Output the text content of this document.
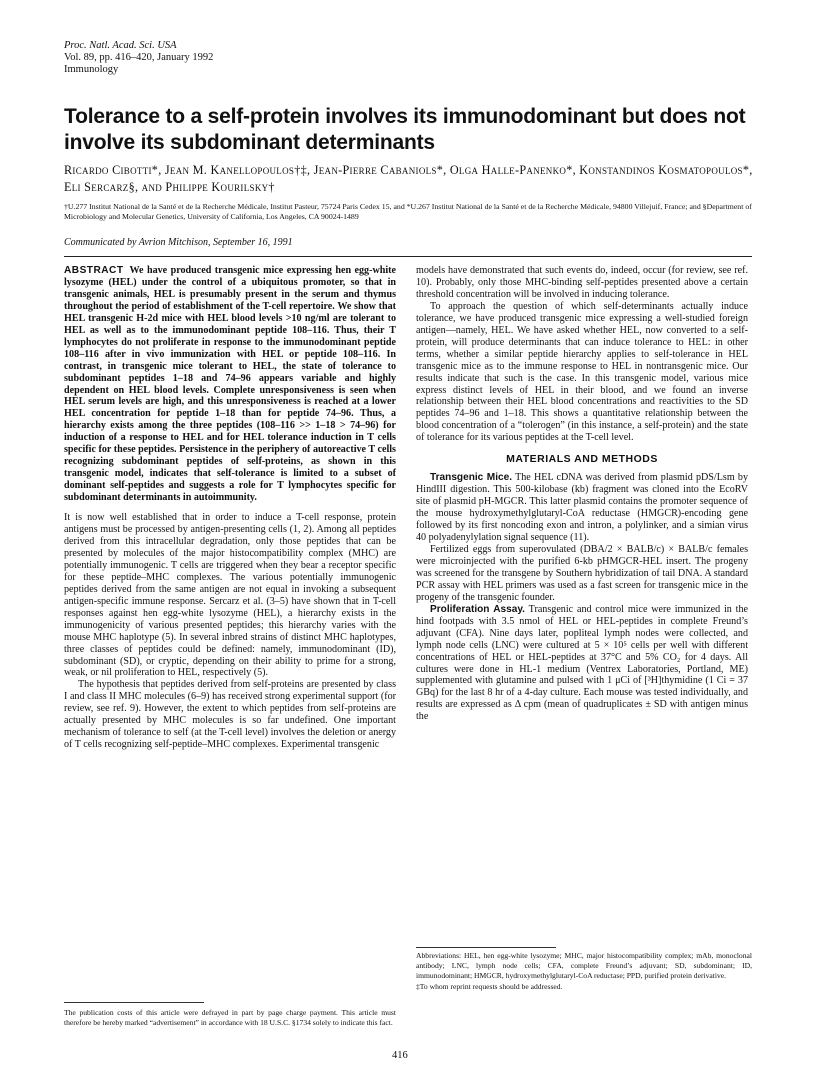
Proc. Natl. Acad. Sci. USA
Vol. 89, pp. 416–420, January 1992
Immunology
Tolerance to a self-protein involves its immunodominant but does not involve its subdominant determinants
Ricardo Cibotti*, Jean M. Kanellopoulos†‡, Jean-Pierre Cabaniols*, Olga Halle-Panenko*, Konstandinos Kosmatopoulos*, Eli Sercarz§, and Philippe Kourilsky†
†U.277 Institut National de la Santé et de la Recherche Médicale, Institut Pasteur, 75724 Paris Cedex 15, and *U.267 Institut National de la Santé et de la Recherche Médicale, 94800 Villejuif, France; and §Department of Microbiology and Molecular Genetics, University of California, Los Angeles, CA 90024-1489
Communicated by Avrion Mitchison, September 16, 1991

ABSTRACT We have produced transgenic mice expressing hen egg-white lysozyme (HEL) under the control of a ubiquitous promoter, so that in transgenic animals, HEL is presumably present in the serum and thymus throughout the period of establishment of the T-cell repertoire. We show that HEL transgenic H-2d mice with HEL blood levels >10 ng/ml are tolerant to HEL as well as to the immunodominant peptide 108–116. Thus, their T lymphocytes do not proliferate in response to the immunodominant peptide 108–116 after in vivo immunization with HEL or peptide 108–116. In contrast, in transgenic mice tolerant to HEL, the state of tolerance to subdominant peptides 1–18 and 74–96 appears variable and highly dependent on HEL blood levels. Complete unresponsiveness is seen when HEL serum levels are high, and this unresponsiveness is reached at a lower HEL concentration for peptide 1–18 than for peptide 74–96. Thus, a hierarchy exists among the three peptides (108–116 >> 1–18 > 74–96) for induction of a response to HEL and for HEL tolerance induction in T cells specific for these peptides. Persistence in the periphery of autoreactive T cells recognizing subdominant peptides of self-proteins, as shown in this transgenic model, indicates that self-tolerance is limited to a subset of dominant self-peptides and suggests a role for T lymphocytes specific for subdominant determinants in autoimmunity.

It is now well established that in order to induce a T-cell response, protein antigens must be processed by antigen-presenting cells (1, 2). Among all peptides derived from this intracellular degradation, only those peptides that can be presented by molecules of the major histocompatibility complex (MHC) are potentially immunogenic. T cells are triggered when they bear a receptor specific for these peptide–MHC complexes. The various potentially immunogenic peptides derived from the same antigen are not equal in invoking a subsequent antigen-specific immune response. Sercarz et al. (3–5) have shown that in T-cell responses against hen egg-white lysozyme (HEL), a hierarchy exists in the immunogenicity of various presented peptides; this hierarchy varies with the mouse MHC haplotype (5). In several inbred strains of distinct MHC haplotypes, three classes of peptides could be defined: namely, immunodominant (ID), subdominant (SD), or cryptic, depending on their ability to prime for a strong, weak, or nil proliferation to HEL, respectively (5).

The hypothesis that peptides derived from self-proteins are presented by class I and class II MHC molecules (6–9) has received strong experimental support (for review, see ref. 9). However, the extent to which peptides from self-proteins are actually presented by MHC molecules is so far undefined. One important mechanism of tolerance to self (at the T-cell level) involves the deletion or anergy of T cells recognizing self-peptide–MHC complexes. Experimental transgenic

models have demonstrated that such events do, indeed, occur (for review, see ref. 10). Probably, only those MHC-binding self-peptides presented above a certain threshold concentration will be involved in inducing tolerance.

To approach the question of which self-determinants actually induce tolerance, we have produced transgenic mice expressing a well-studied foreign antigen—namely, HEL. We have asked whether HEL, now converted to a self-protein, will produce determinants that can induce tolerance to HEL: in other terms, whether a similar peptide hierarchy applies to self-tolerance in HEL transgenic mice as to the immune response to HEL in nontransgenic mice. Our results indicate that such is the case. In this transgenic model, various mice express distinct levels of HEL in their blood, and we found an inverse relationship between their HEL blood concentrations and reactivities to the SD peptides 74–96 and 1–18. This shows a quantitative relationship between the blood concentration of a “tolerogen” (in this instance, a self-protein) and the state of tolerance for its various peptides at the T-cell level.

MATERIALS AND METHODS

Transgenic Mice. The HEL cDNA was derived from plasmid pDS/Lsm by HindIII digestion. This 500-kilobase (kb) fragment was cloned into the EcoRV site of plasmid pH-MGCR. This latter plasmid contains the promoter sequence of the mouse hydroxymethylglutaryl-CoA reductase (HMGCR)-encoding gene followed by its first noncoding exon and intron, a polylinker, and a simian virus 40 polyadenylylation signal sequence (11).

Fertilized eggs from superovulated (DBA/2 × BALB/c) × BALB/c females were microinjected with the purified 6-kb pHMGCR-HEL insert. The progeny was screened for the transgene by Southern hybridization of tail DNA. A standard PCR assay with HEL primers was used as a fast screen for transgenic mice in the progeny of the transgenic founder.

Proliferation Assay. Transgenic and control mice were immunized in the hind footpads with 3.5 nmol of HEL or HEL-peptides in complete Freund’s adjuvant (CFA). Nine days later, popliteal lymph nodes were collected, and lymph node cells (LNC) were cultured at 5 × 10⁵ cells per well with different concentrations of HEL or HEL-peptides at 37°C and 5% CO₂ for 4 days. All cultures were done in HL-1 medium (Ventrex Laboratories, Portland, ME) supplemented with glutamine and pulsed with 1 μCi of [³H]thymidine (1 Ci = 37 GBq) for the last 8 hr of a 4-day culture. Each mouse was tested individually, and results are expressed as Δ cpm (mean of quadruplicates ± SD with antigen minus the

Abbreviations: HEL, hen egg-white lysozyme; MHC, major histocompatibility complex; mAb, monoclonal antibody; LNC, lymph node cells; CFA, complete Freund’s adjuvant; SD, subdominant; ID, immunodominant; HMGCR, hydroxymethylglutaryl-CoA reductase; PPD, purified protein derivative.
‡To whom reprint requests should be addressed.
The publication costs of this article were defrayed in part by page charge payment. This article must therefore be hereby marked “advertisement” in accordance with 18 U.S.C. §1734 solely to indicate this fact.
416
